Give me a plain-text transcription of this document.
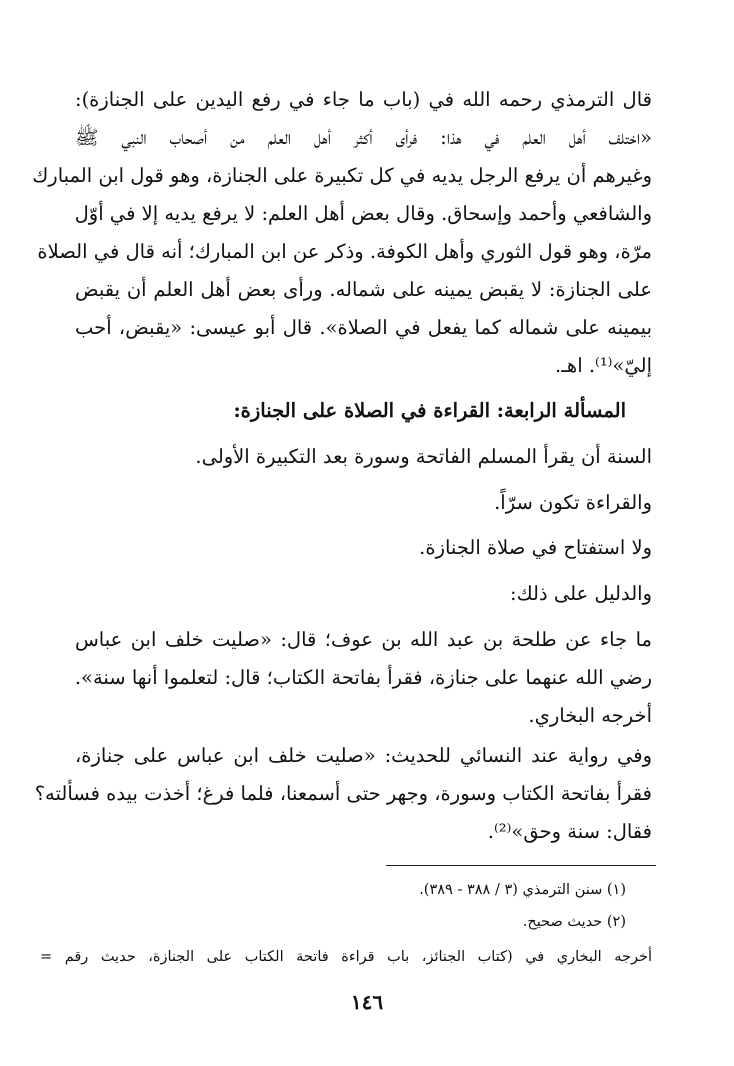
قال الترمذي رحمه الله في (باب ما جاء في رفع اليدين على الجنازة):
«اختلف أهل العلم في هذا: فرأى أكثر أهل العلم من أصحاب النبي ﷺ
وغيرهم أن يرفع الرجل يديه في كل تكبيرة على الجنازة، وهو قول ابن المبارك
والشافعي وأحمد وإسحاق. وقال بعض أهل العلم: لا يرفع يديه إلا في أوّل
مرّة، وهو قول الثوري وأهل الكوفة. وذكر عن ابن المبارك؛ أنه قال في الصلاة
على الجنازة: لا يقبض يمينه على شماله. ورأى بعض أهل العلم أن يقبض
بيمينه على شماله كما يفعل في الصلاة». قال أبو عيسى: «يقبض، أحب
إليّ»⁽¹⁾. اهـ.
المسألة الرابعة: القراءة في الصلاة على الجنازة:
السنة أن يقرأ المسلم الفاتحة وسورة بعد التكبيرة الأولى.
والقراءة تكون سرّاً.
ولا استفتاح في صلاة الجنازة.
والدليل على ذلك:
ما جاء عن طلحة بن عبد الله بن عوف؛ قال: «صليت خلف ابن عباس
رضي الله عنهما على جنازة، فقرأ بفاتحة الكتاب؛ قال: لتعلموا أنها سنة».
أخرجه البخاري.
وفي رواية عند النسائي للحديث: «صليت خلف ابن عباس على جنازة،
فقرأ بفاتحة الكتاب وسورة، وجهر حتى أسمعنا، فلما فرغ؛ أخذت بيده فسألته؟
فقال: سنة وحق»⁽²⁾.
(١) سنن الترمذي (٣ / ٣٨٨ - ٣٨٩).
(٢) حديث صحيح.
أخرجه البخاري في (كتاب الجنائز، باب قراءة فاتحة الكتاب على الجنازة، حديث رقم =
١٤٦
